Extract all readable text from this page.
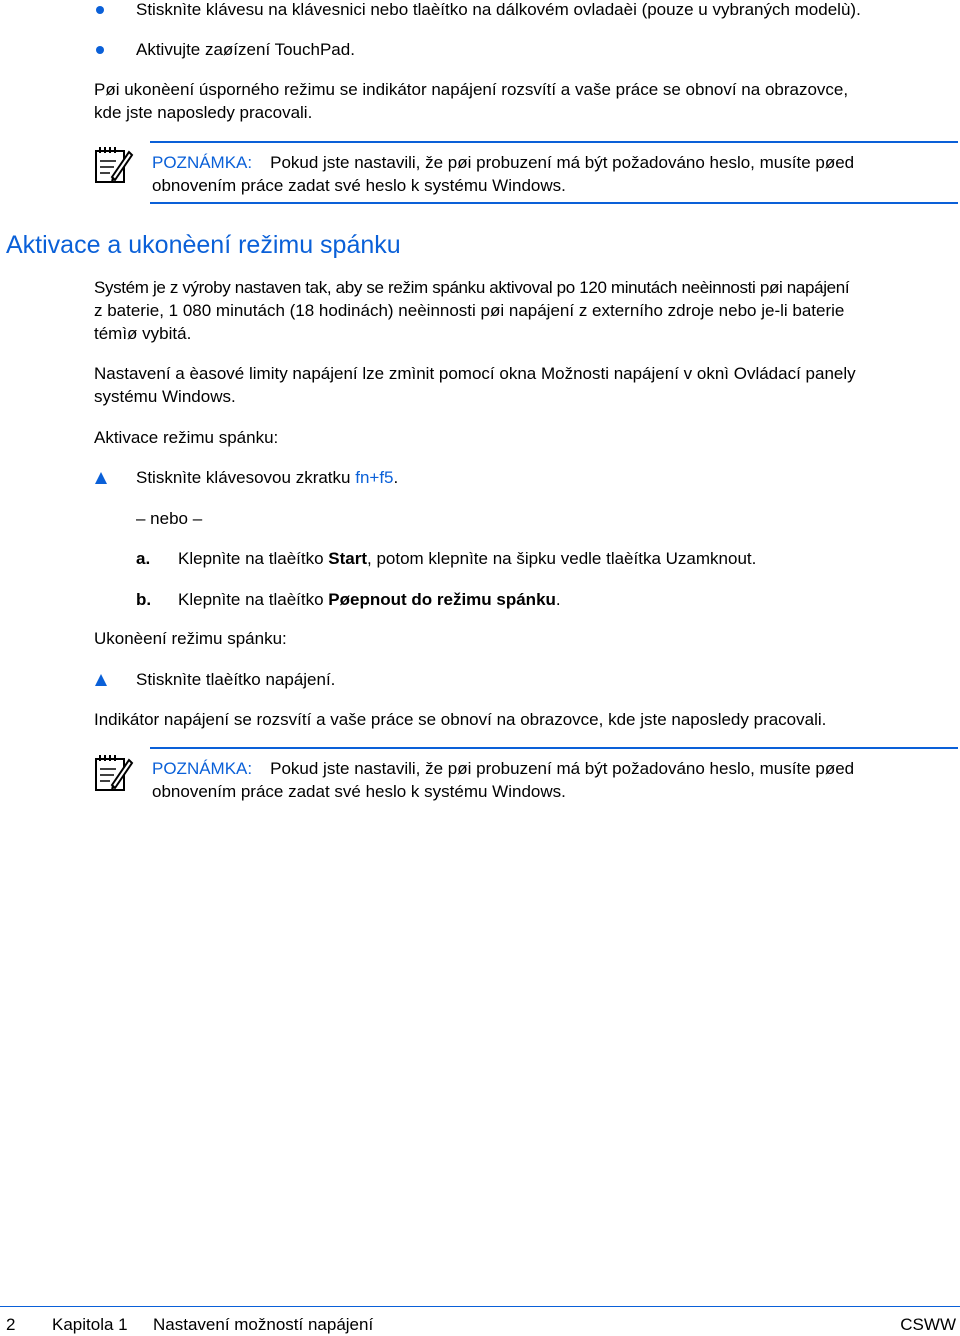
Stisknìte klávesu na klávesnici nebo tlaèítko na dálkovém ovladaèi (pouze u vybraných modelù).
Aktivujte zaøízení TouchPad.
Pøi ukonèení úsporného režimu se indikátor napájení rozsvítí a vaše práce se obnoví na obrazovce,
kde jste naposledy pracovali.
POZNÁMKA: Pokud jste nastavili, že pøi probuzení má být požadováno heslo, musíte pøed
obnovením práce zadat své heslo k systému Windows.
Aktivace a ukonèení režimu spánku
Systém je z výroby nastaven tak, aby se režim spánku aktivoval po 120 minutách neèinnosti pøi napájení
z baterie, 1 080 minutách (18 hodinách) neèinnosti pøi napájení z externího zdroje nebo je-li baterie
témìø vybitá.
Nastavení a èasové limity napájení lze zmìnit pomocí okna Možnosti napájení v oknì Ovládací panely
systému Windows.
Aktivace režimu spánku:
Stisknìte klávesovou zkratku fn+f5.
– nebo –
a. Klepnìte na tlaèítko Start, potom klepnìte na šipku vedle tlaèítka Uzamknout.
b. Klepnìte na tlaèítko Pøepnout do režimu spánku.
Ukonèení režimu spánku:
Stisknìte tlaèítko napájení.
Indikátor napájení se rozsvítí a vaše práce se obnoví na obrazovce, kde jste naposledy pracovali.
POZNÁMKA: Pokud jste nastavili, že pøi probuzení má být požadováno heslo, musíte pøed
obnovením práce zadat své heslo k systému Windows.
2 Kapitola 1 Nastavení možností napájení	CSWW
